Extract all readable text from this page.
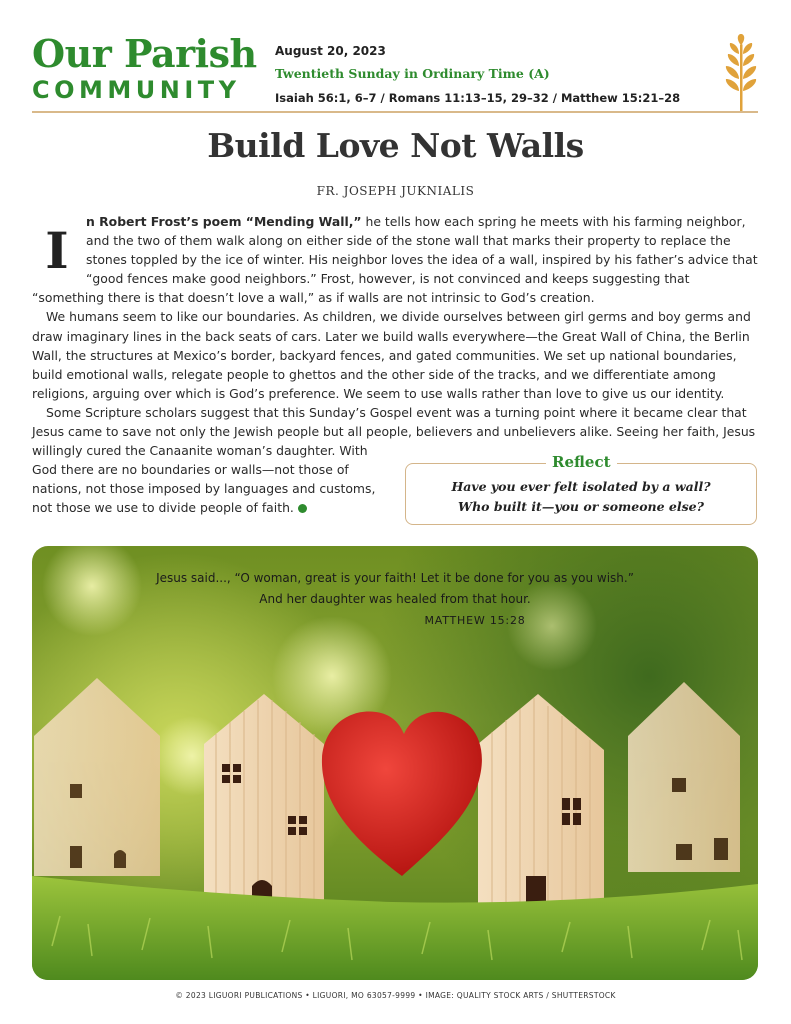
Our Parish
COMMUNITY
August 20, 2023
Twentieth Sunday in Ordinary Time (A)
Isaiah 56:1, 6–7 / Romans 11:13–15, 29–32 / Matthew 15:21–28
Build Love Not Walls
FR. JOSEPH JUKNIALIS

I	n Robert Frost’s poem “Mending Wall,” he tells how each spring he meets with his farming neighbor, and the two of them walk along on either side of the stone wall that marks their property to replace the stones toppled by the ice of winter. His neighbor loves the idea of a wall, inspired by his father’s advice that “good fences make good neighbors.” Frost, however, is not convinced and keeps suggesting that “something there is that doesn’t love a wall,” as if walls are not intrinsic to God’s creation.

We humans seem to like our boundaries. As children, we divide ourselves between girl germs and boy germs and draw imaginary lines in the back seats of cars. Later we build walls everywhere—the Great Wall of China, the Berlin Wall, the structures at Mexico’s border, backyard fences, and gated communities. We set up national boundaries, build emotional walls, relegate people to ghettos and the other side of the tracks, and we differentiate among religions, arguing over which is God’s preference. We seem to use walls rather than love to give us our identity.

Some Scripture scholars suggest that this Sunday’s Gospel event was a turning point where it became clear that
Jesus came to save not only the Jewish people but all people, believers and unbelievers alike. Seeing her faith, Jesus
willingly cured the Canaanite woman’s daughter. With God there are no boundaries or walls—not those of nations, not those imposed by languages and customs, not those we use to divide people of faith.
Reflect
Have you ever felt isolated by a wall?
Who built it—you or someone else?
Jesus said..., “O woman, great is your faith! Let it be done for you as you wish.”
And her daughter was healed from that hour.
MATTHEW 15:28
© 2023 LIGUORI PUBLICATIONS • LIGUORI, MO 63057-9999 • IMAGE: QUALITY STOCK ARTS / SHUTTERSTOCK
